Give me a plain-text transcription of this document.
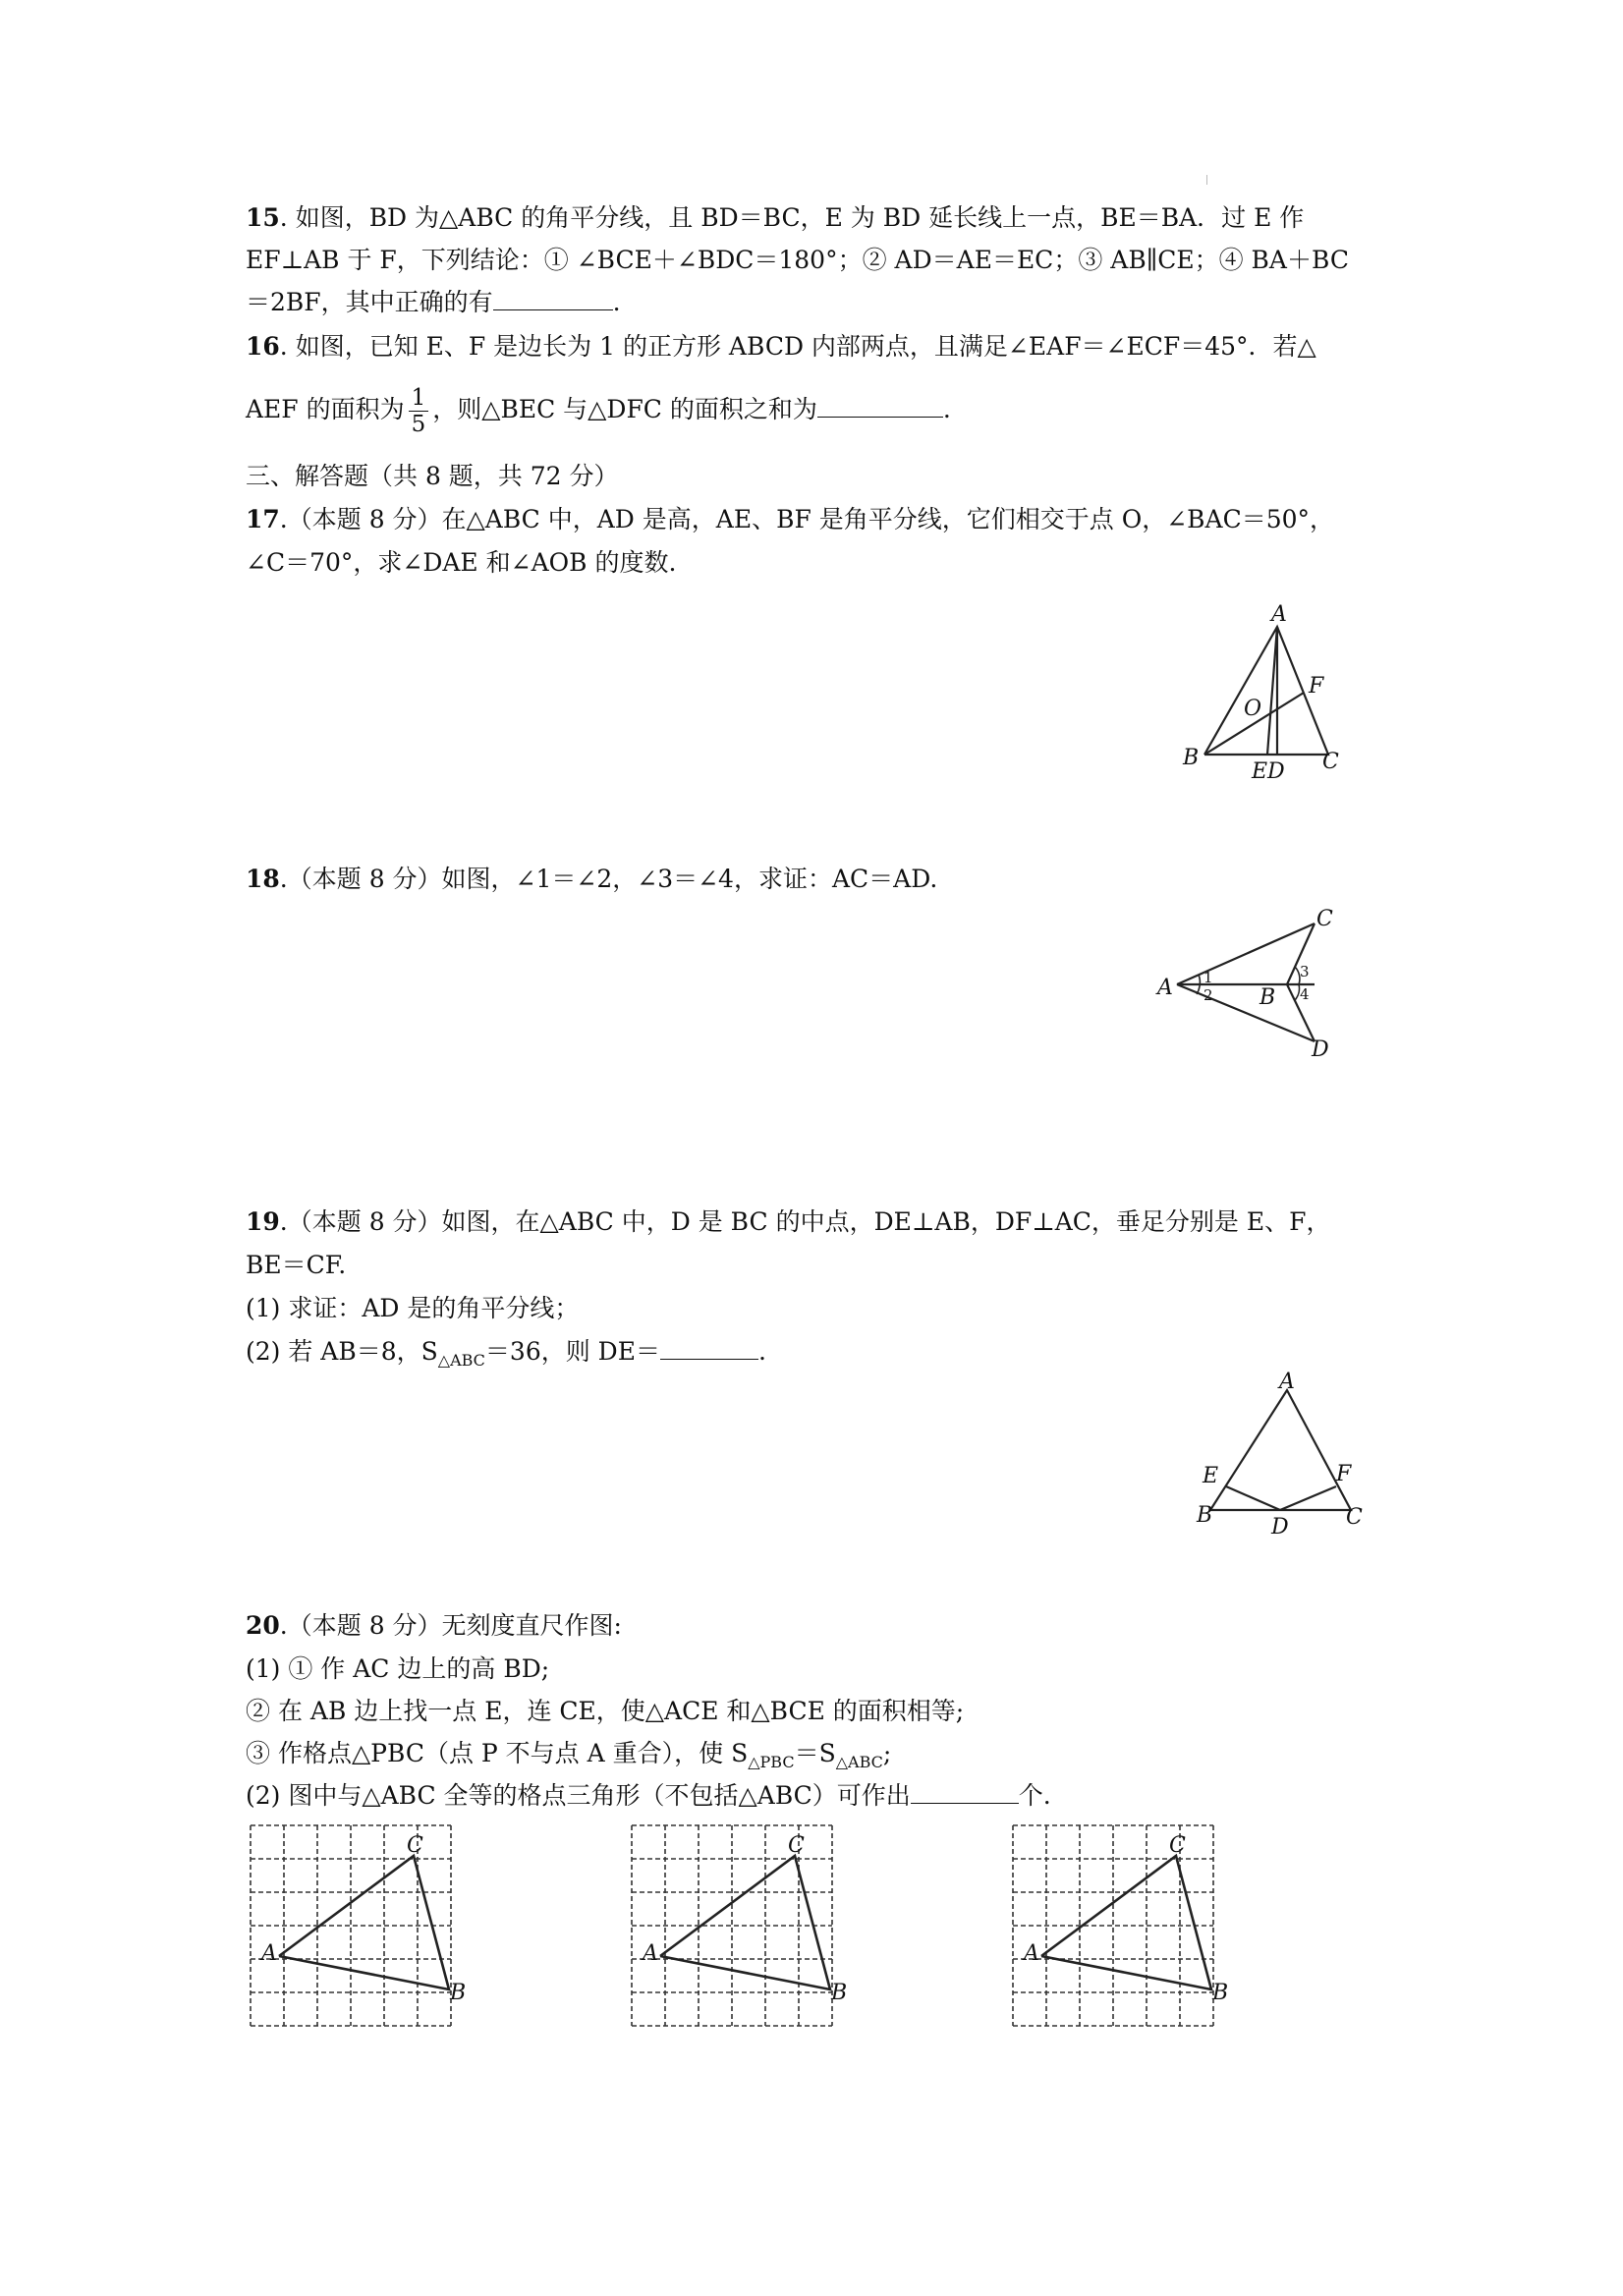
15. 如图，BD 为△ABC 的角平分线，且 BD＝BC，E 为 BD 延长线上一点，BE＝BA．过 E 作
EF⊥AB 于 F，下列结论：① ∠BCE＋∠BDC＝180°；② AD＝AE＝EC；③ AB∥CE；④ BA＋BC
＝2BF，其中正确的有	.
16. 如图，已知 E、F 是边长为 1 的正方形 ABCD 内部两点，且满足∠EAF＝∠ECF＝45°．若△
AEF 的面积为 $\frac{1}{5}$ ，则△BEC 与△DFC 的面积之和为	.
三、解答题（共 8 题，共 72 分）
17.（本题 8 分）在△ABC 中，AD 是高，AE、BF 是角平分线，它们相交于点 O，∠BAC＝50°，
∠C＝70°，求∠DAE 和∠AOB 的度数.
A
B	C
O
F
ED
18.（本题 8 分）如图，∠1＝∠2，∠3＝∠4，求证：AC＝AD.
A	B
C
D
1
2
3
4
19.（本题 8 分）如图，在△ABC 中，D 是 BC 的中点，DE⊥AB，DF⊥AC，垂足分别是 E、F，
BE＝CF.
(1) 求证：AD 是的角平分线；
(2) 若 AB＝8，$S_{\triangle ABC}=36$，则 DE＝	.
A
B	C
D
E	F
20.（本题 8 分）无刻度直尺作图:
(1) ① 作 AC 边上的高 BD;
② 在 AB 边上找一点 E，连 CE，使△ACE 和△BCE 的面积相等;
③ 作格点△PBC（点 P 不与点 A 重合），使 $S_{\triangle PBC}=S_{\triangle ABC}$;
(2) 图中与△ABC 全等的格点三角形（不包括△ABC）可作出	个.
C
A
B
C
A
B
C
A
B
